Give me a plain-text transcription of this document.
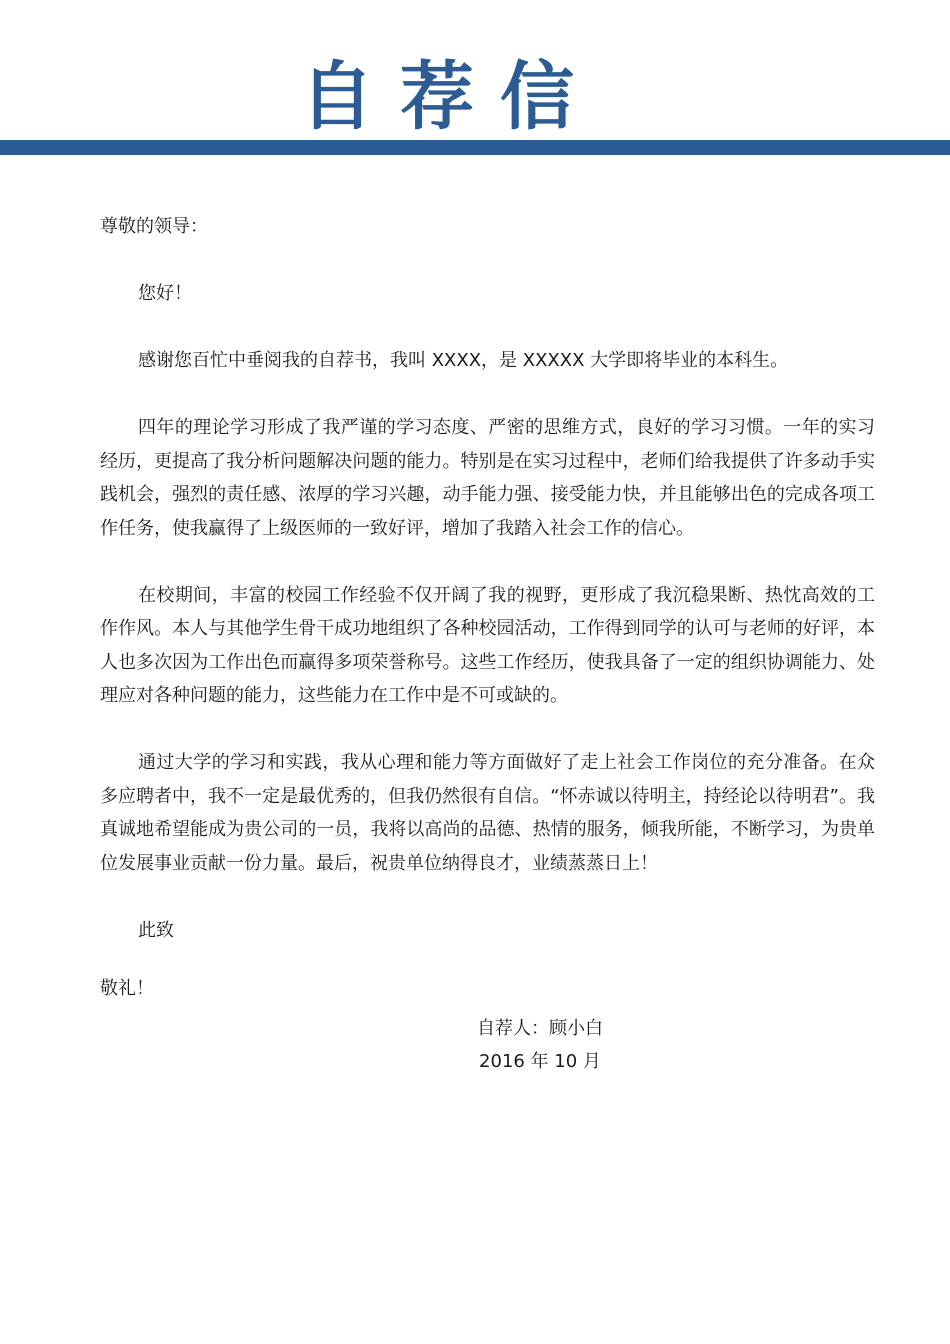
自荐信

尊敬的领导：

您好！

感谢您百忙中垂阅我的自荐书，我叫 XXXX，是 XXXXX 大学即将毕业的本科生。

四年的理论学习形成了我严谨的学习态度、严密的思维方式，良好的学习习惯。一年的实习经历，更提高了我分析问题解决问题的能力。特别是在实习过程中，老师们给我提供了许多动手实践机会，强烈的责任感、浓厚的学习兴趣，动手能力强、接受能力快，并且能够出色的完成各项工作任务，使我赢得了上级医师的一致好评，增加了我踏入社会工作的信心。

在校期间，丰富的校园工作经验不仅开阔了我的视野，更形成了我沉稳果断、热忱高效的工作作风。本人与其他学生骨干成功地组织了各种校园活动，工作得到同学的认可与老师的好评，本人也多次因为工作出色而赢得多项荣誉称号。这些工作经历，使我具备了一定的组织协调能力、处理应对各种问题的能力，这些能力在工作中是不可或缺的。

通过大学的学习和实践，我从心理和能力等方面做好了走上社会工作岗位的充分准备。在众多应聘者中，我不一定是最优秀的，但我仍然很有自信。“怀赤诚以待明主，持经论以待明君”。我真诚地希望能成为贵公司的一员，我将以高尚的品德、热情的服务，倾我所能，不断学习，为贵单位发展事业贡献一份力量。最后，祝贵单位纳得良才，业绩蒸蒸日上！

此致

敬礼！

自荐人：顾小白

2016 年 10 月
